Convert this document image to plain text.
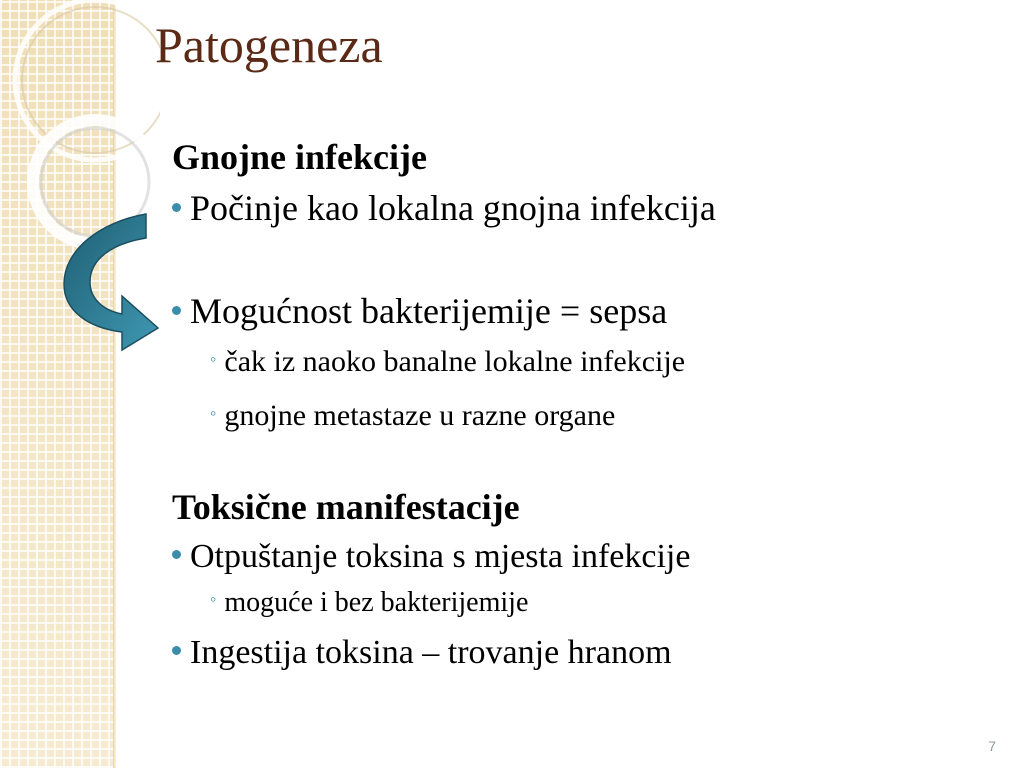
Patogeneza
Gnojne infekcije
Počinje kao lokalna gnojna infekcija
Mogućnost bakterijemije = sepsa
◦ čak iz naoko banalne lokalne infekcije
◦ gnojne metastaze u razne organe
Toksične manifestacije
Otpuštanje toksina s mjesta infekcije
◦ moguće i bez bakterijemije
Ingestija toksina – trovanje hranom
7
